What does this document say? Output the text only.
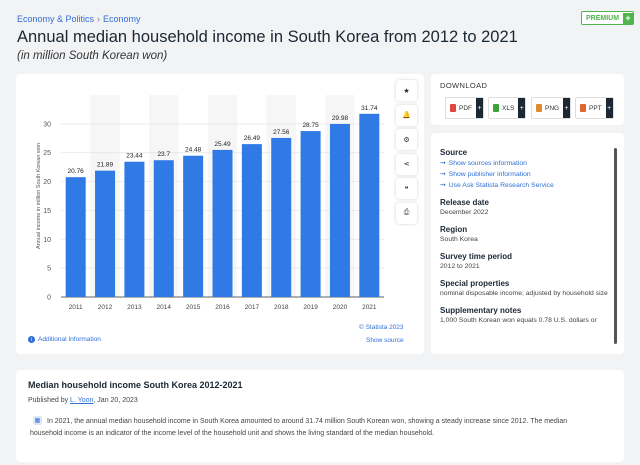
Economy & Politics › Economy	PREMIUM +
Annual median household income in South Korea from 2012 to 2021
(in million South Korean won)
0
5
10
15
20
25
30
Annual income in million South Korean won	20.76
2011
21.89
2012
23.44
2013
23.7
2014
24.48
2015
25.49
2016
26.49
2017
27.56
2018
28.75
2019
29.98
2020
31.74
2021
★
🔔
⚙
⋖
❝
⎙
© Statista 2023
Show source
i Additional Information
DOWNLOAD
PDF +	XLS +	PNG +	PPT +
Source
➞ Show sources information
➞ Show publisher information
➞ Use Ask Statista Research Service
Release date
December 2022
Region
South Korea
Survey time period
2012 to 2021
Special properties
nominal disposable income; adjusted by household size
Supplementary notes
1,000 South Korean won equals 0.78 U.S. dollars or
Median household income South Korea 2012-2021
Published by L. Yoon, Jan 20, 2023
▦ In 2021, the annual median household income in South Korea amounted to around 31.74 million South Korean won, showing a steady increase since 2012. The median household income is an indicator of the income level of the household unit and shows the living standard of the median household.
